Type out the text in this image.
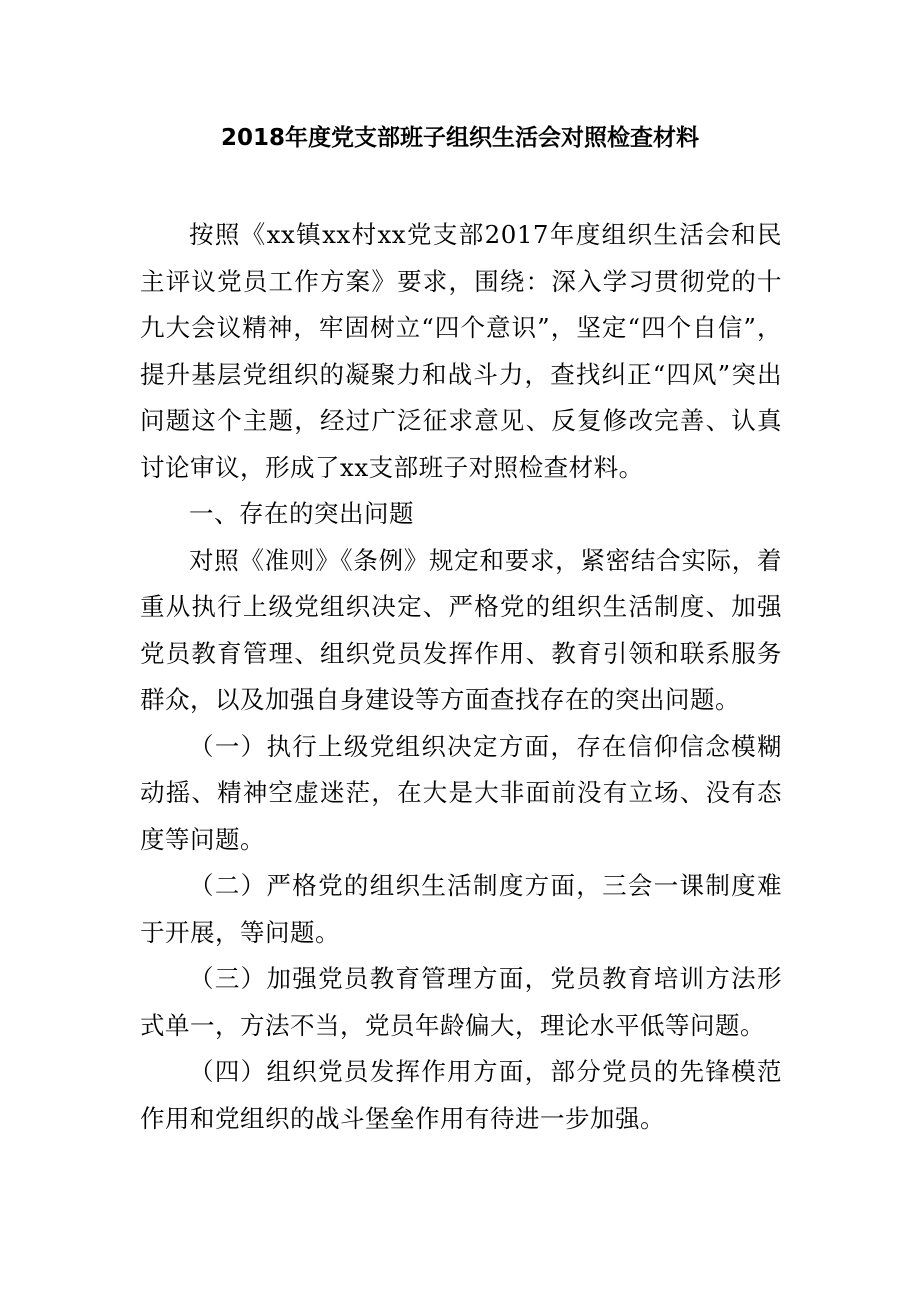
2018年度党支部班子组织生活会对照检查材料

按照《xx镇xx村xx党支部2017年度组织生活会和民主评议党员工作方案》要求，围绕：深入学习贯彻党的十九大会议精神，牢固树立“四个意识”，坚定“四个自信”，提升基层党组织的凝聚力和战斗力，查找纠正“四风”突出问题这个主题，经过广泛征求意见、反复修改完善、认真讨论审议，形成了xx支部班子对照检查材料。

一、存在的突出问题

对照《准则》《条例》规定和要求，紧密结合实际，着重从执行上级党组织决定、严格党的组织生活制度、加强党员教育管理、组织党员发挥作用、教育引领和联系服务群众，以及加强自身建设等方面查找存在的突出问题。

（一）执行上级党组织决定方面，存在信仰信念模糊动摇、精神空虚迷茫，在大是大非面前没有立场、没有态度等问题。

（二）严格党的组织生活制度方面，三会一课制度难于开展，等问题。

（三）加强党员教育管理方面，党员教育培训方法形式单一，方法不当，党员年龄偏大，理论水平低等问题。

（四）组织党员发挥作用方面，部分党员的先锋模范作用和党组织的战斗堡垒作用有待进一步加强。
